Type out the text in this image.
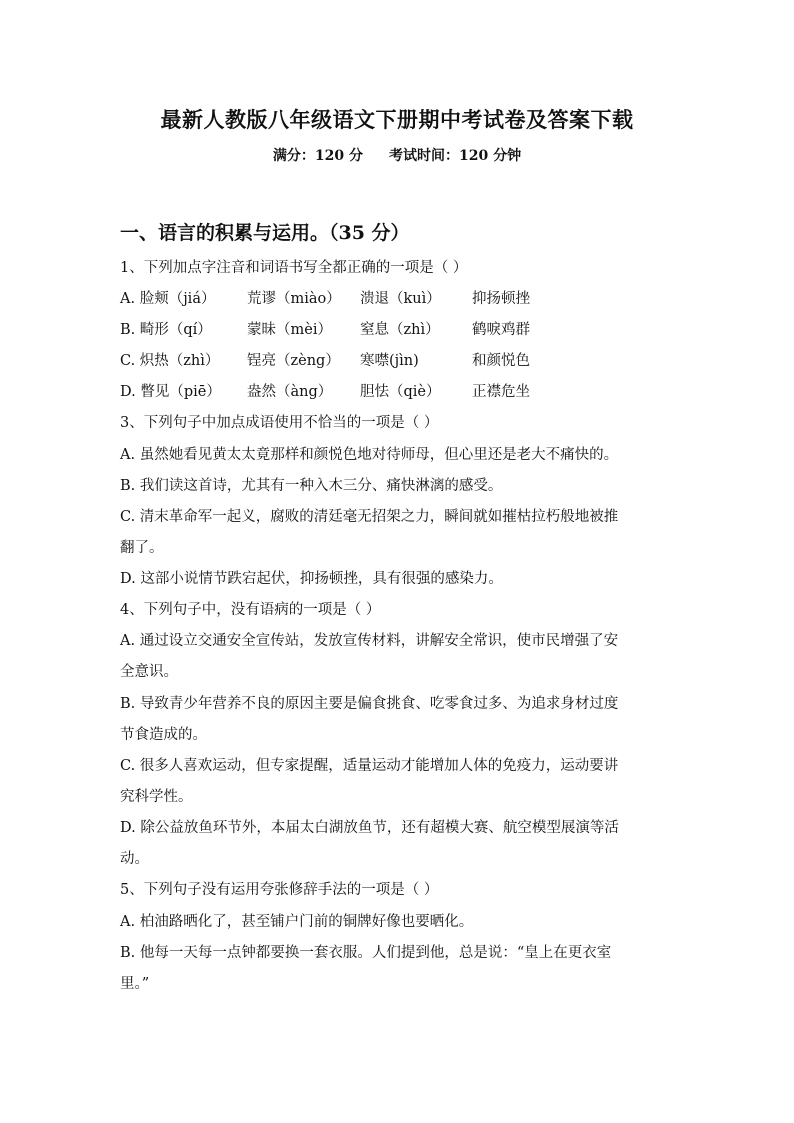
最新人教版八年级语文下册期中考试卷及答案下载
满分：120 分 考试时间：120 分钟
一、语言的积累与运用。（35 分）
1、下列加点字注音和词语书写全都正确的一项是（ ）
A. 脸颊（jiá） 荒谬（miào） 溃退（kuì） 抑扬顿挫
B. 畸形（qí） 蒙昧（mèi） 窒息（zhì） 鹤唳鸡群
C. 炽热（zhì） 锃亮（zèng） 寒噤(jìn)	和颜悦色
D. 瞥见（piē） 盎然（àng） 胆怯（qiè） 正襟危坐
3、下列句子中加点成语使用不恰当的一项是（ ）
A. 虽然她看见黄太太竟那样和颜悦色地对待师母，但心里还是老大不痛快的。
B. 我们读这首诗，尤其有一种入木三分、痛快淋漓的感受。
C. 清末革命军一起义，腐败的清廷毫无招架之力，瞬间就如摧枯拉朽般地被推
翻了。
D. 这部小说情节跌宕起伏，抑扬顿挫，具有很强的感染力。
4、下列句子中，没有语病的一项是（ ）
A. 通过设立交通安全宣传站，发放宣传材料，讲解安全常识，使市民增强了安
全意识。
B. 导致青少年营养不良的原因主要是偏食挑食、吃零食过多、为追求身材过度
节食造成的。
C. 很多人喜欢运动，但专家提醒，适量运动才能增加人体的免疫力，运动要讲
究科学性。
D. 除公益放鱼环节外，本届太白湖放鱼节，还有超模大赛、航空模型展演等活
动。
5、下列句子没有运用夸张修辞手法的一项是（ ）
A. 柏油路晒化了，甚至铺户门前的铜牌好像也要晒化。
B. 他每一天每一点钟都要换一套衣服。人们提到他，总是说：“皇上在更衣室
里。”
